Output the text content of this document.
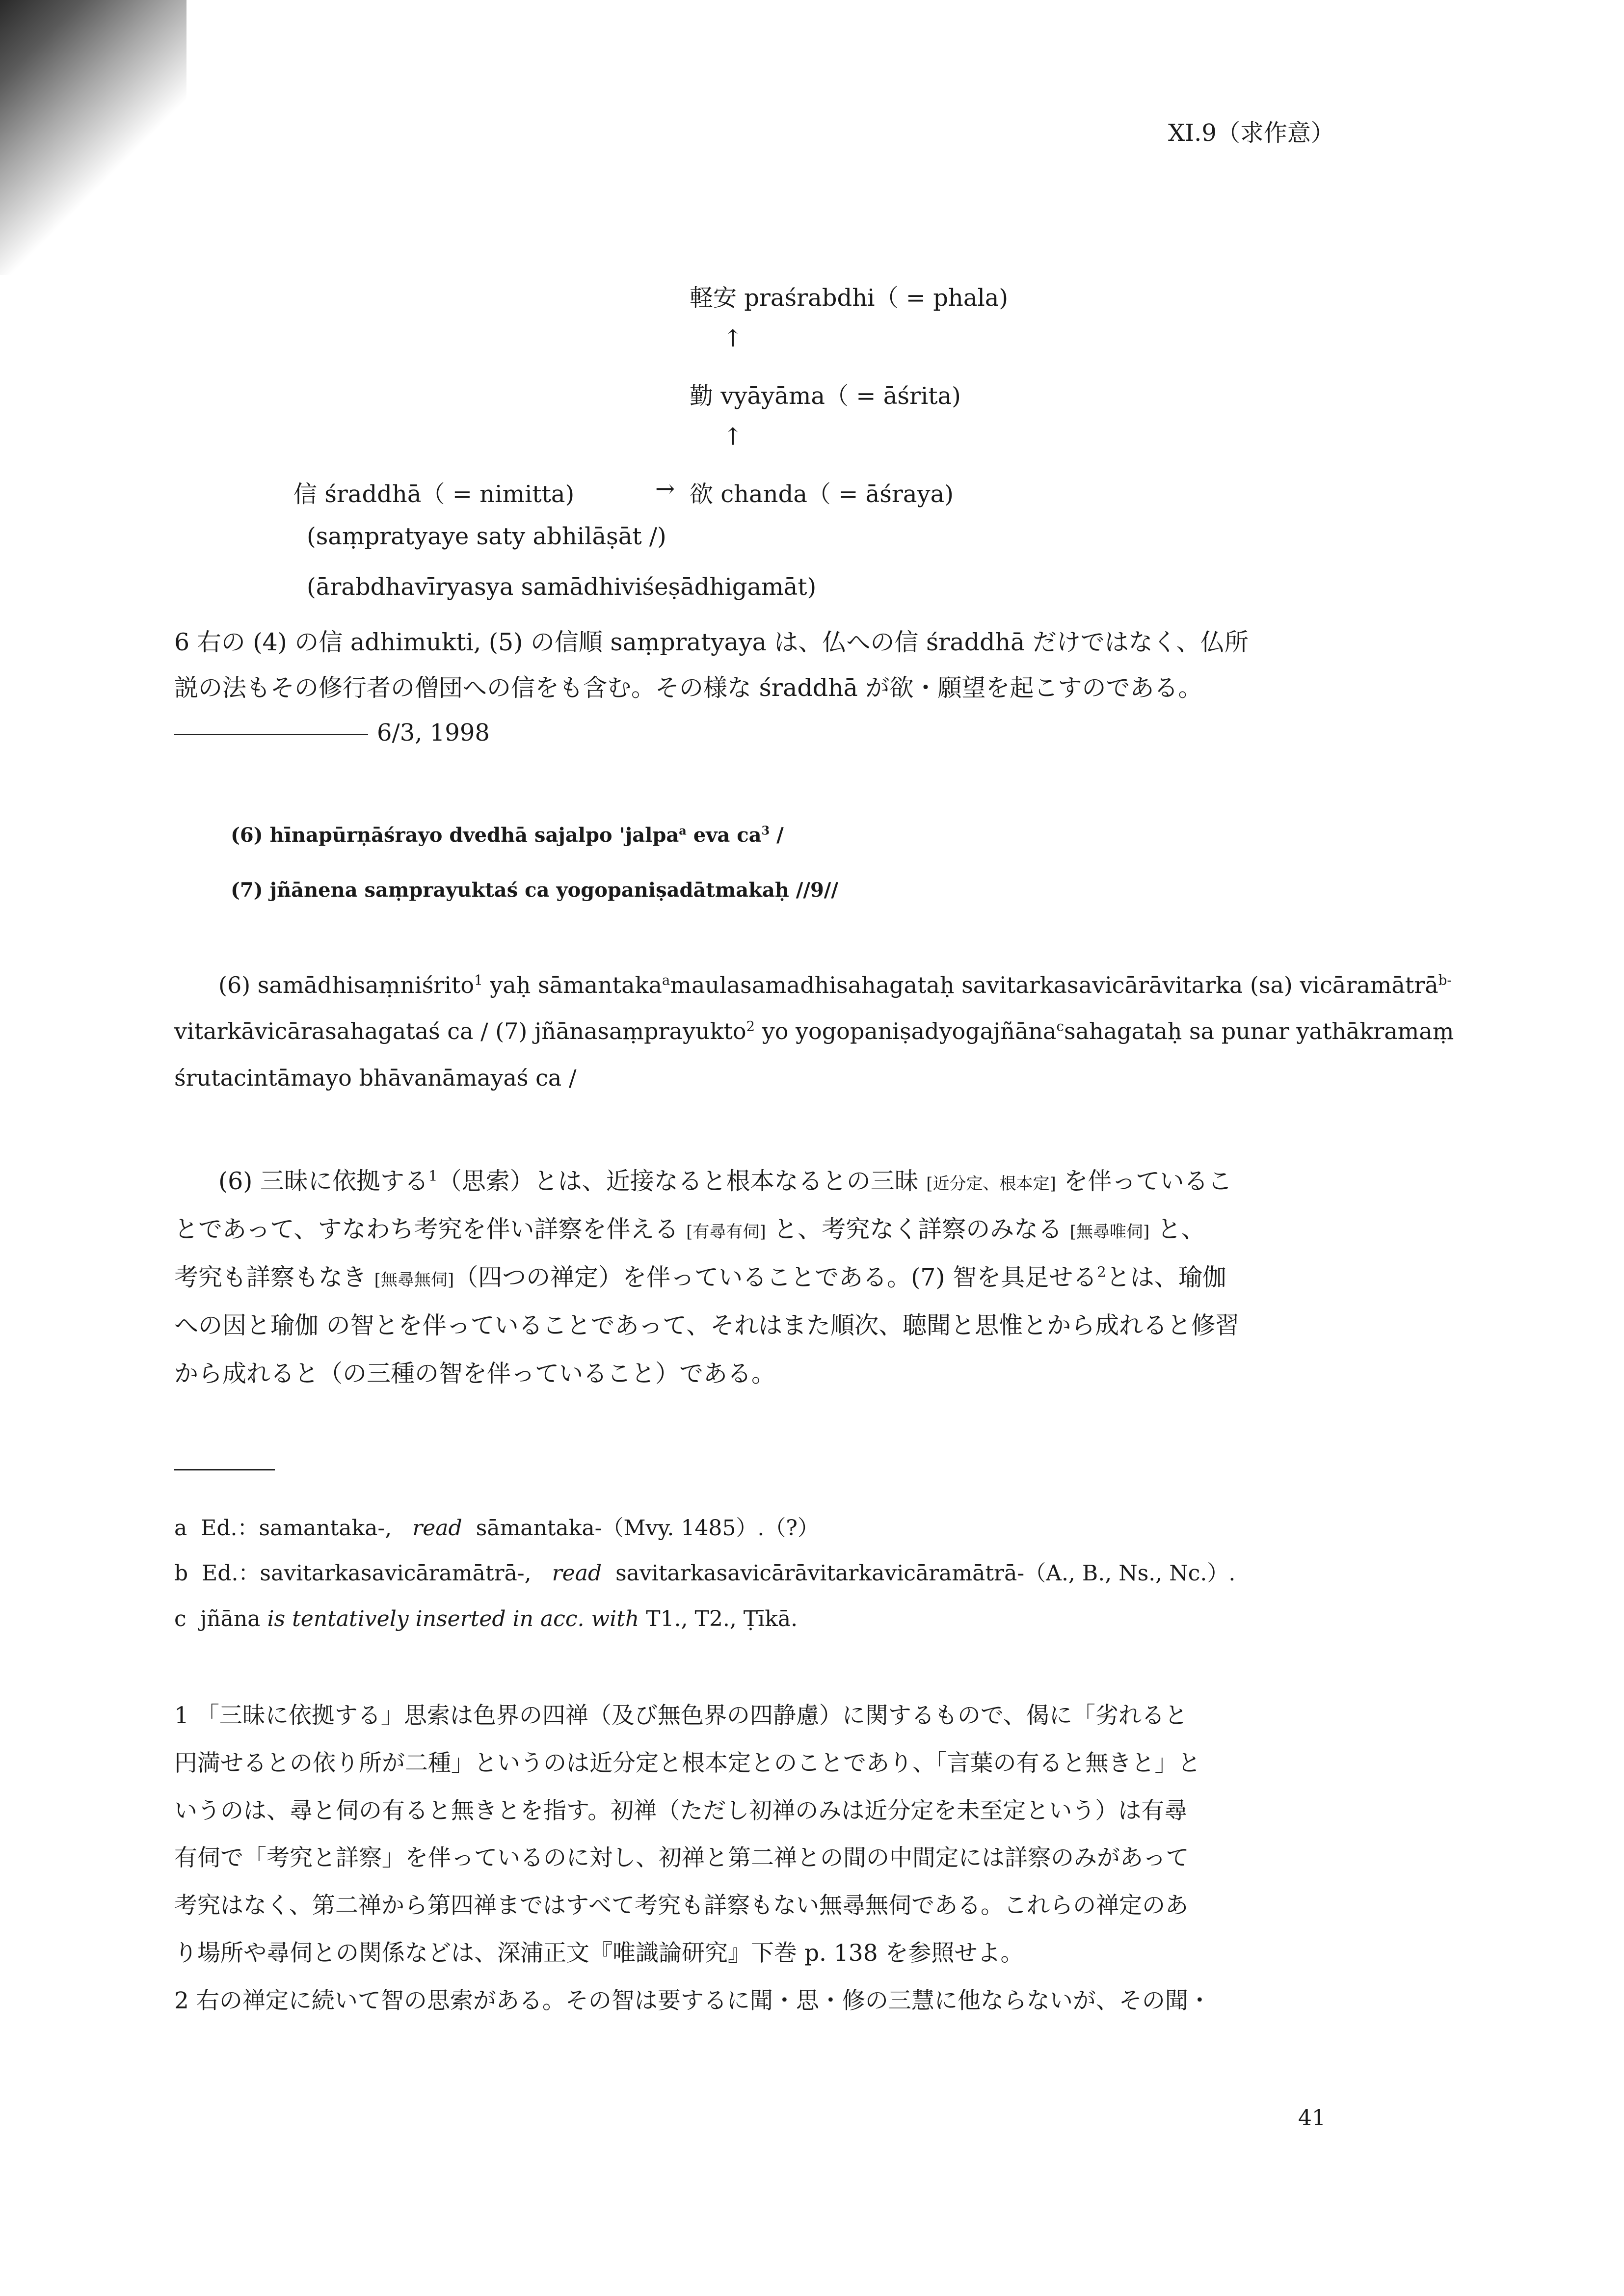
XI.9（求作意）
軽安 praśrabdhi（ = phala)
↑
勤 vyāyāma（ = āśrita)
↑
信 śraddhā（ = nimitta)	→ 欲 chanda（ = āśraya)
(saṃpratyaye saty abhilāṣāt /)
(ārabdhavīryasya samādhiviśeṣādhigamāt)
6 右の (4) の信 adhimukti, (5) の信順 saṃpratyaya は、仏への信 śraddhā だけではなく、仏所
説の法もその修行者の僧団への信をも含む。その様な śraddhā が欲・願望を起こすのである。
6/3, 1998
(6) hīnapūrṇāśrayo dvedhā sajalpo 'jalpa$^a$ eva $ca^3$ /
(7) jñānena saṃprayuktaś ca yogopaniṣadātmakaḥ //9//
(6) samādhisaṃniśrito$^1$ yaḥ sāmantaka$^a$maulasamadhisahagataḥ savitarkasavicārāvitarka (sa) vicāramātrā$^{b-}$
vitarkāvicārasahagataś ca / (7) jñānasaṃprayukto$^2$ yo yogopaniṣadyogajñāna$^c$sahagataḥ sa punar yathākramaṃ
śrutacintāmayo bhāvanāmayaś ca /
(6) 三昧に依拠する$^1$（思索）とは、近接なると根本なるとの三昧 [近分定、根本定] を伴っているこ
とであって、すなわち考究を伴い詳察を伴える [有尋有伺] と、考究なく詳察のみなる [無尋唯伺] と、
考究も詳察もなき [無尋無伺]（四つの禅定）を伴っていることである。(7) 智を具足せる$^2$とは、瑜伽
への因と瑜伽 の智とを伴っていることであって、それはまた順次、聴聞と思惟とから成れると修習
から成れると（の三種の智を伴っていること）である。
a Ed.：samantaka-, read sāmantaka-（Mvy. 1485）.（?）
b Ed.：savitarkasavicāramātrā-, read savitarkasavicārāvitarkavicāramātrā-（A., B., Ns., Nc.）.
c jñāna is tentatively inserted in acc. with T1., T2., Ṭīkā.
1 「三昧に依拠する」思索は色界の四禅（及び無色界の四静慮）に関するもので、偈に「劣れると
円満せるとの依り所が二種」というのは近分定と根本定とのことであり、「言葉の有ると無きと」と
いうのは、尋と伺の有ると無きとを指す。初禅（ただし初禅のみは近分定を未至定という）は有尋
有伺で「考究と詳察」を伴っているのに対し、初禅と第二禅との間の中間定には詳察のみがあって
考究はなく、第二禅から第四禅まではすべて考究も詳察もない無尋無伺である。これらの禅定のあ
り場所や尋伺との関係などは、深浦正文『唯識論研究』下巻 p. 138 を参照せよ。
2 右の禅定に続いて智の思索がある。その智は要するに聞・思・修の三慧に他ならないが、その聞・
41
